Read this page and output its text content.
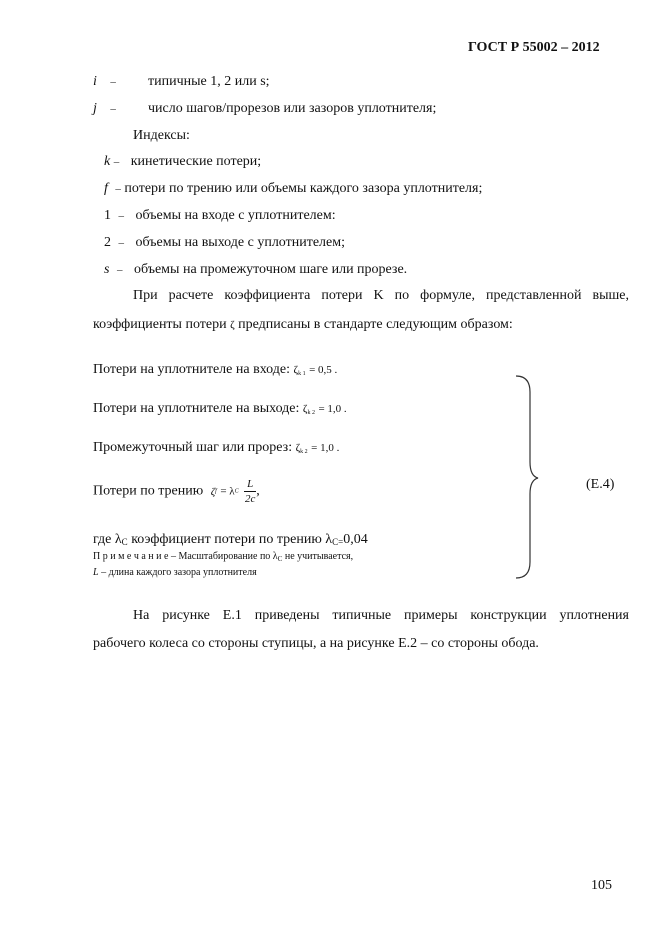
ГОСТ Р 55002 – 2012
i – типичные 1, 2 или s;
j – число шагов/прорезов или зазоров уплотнителя;
Индексы:
k – кинетические потери;
f – потери по трению или объемы каждого зазора уплотнителя;
1 – объемы на входе с уплотнителем:
2 – объемы на выходе с уплотнителем;
s – объемы на промежуточном шаге или прорезе.
При расчете коэффициента потери K по формуле, представленной выше,
коэффициенты потери ζ предписаны в стандарте следующим образом:
Потери на уплотнителе на входе: $\zeta_{k 1} = 0,5$ .
Потери на уплотнителе на выходе: $\zeta_{k 2} = 1,0$ .
Промежуточный шаг или прорез: $\zeta_{k 2} = 1,0$ .
Потери по трению ζf = λC $\frac{L}{2c}$ ,
где $\lambda_C$ коэффициент потери по трению $\lambda_{C=}0,04$
П р и м е ч а н и е – Масштабирование по $\lambda_C$ не учитывается,
L – длина каждого зазора уплотнителя
(Е.4)
На рисунке Е.1 приведены типичные примеры конструкции уплотнения
рабочего колеса со стороны ступицы, а на рисунке Е.2 – со стороны обода.
105
